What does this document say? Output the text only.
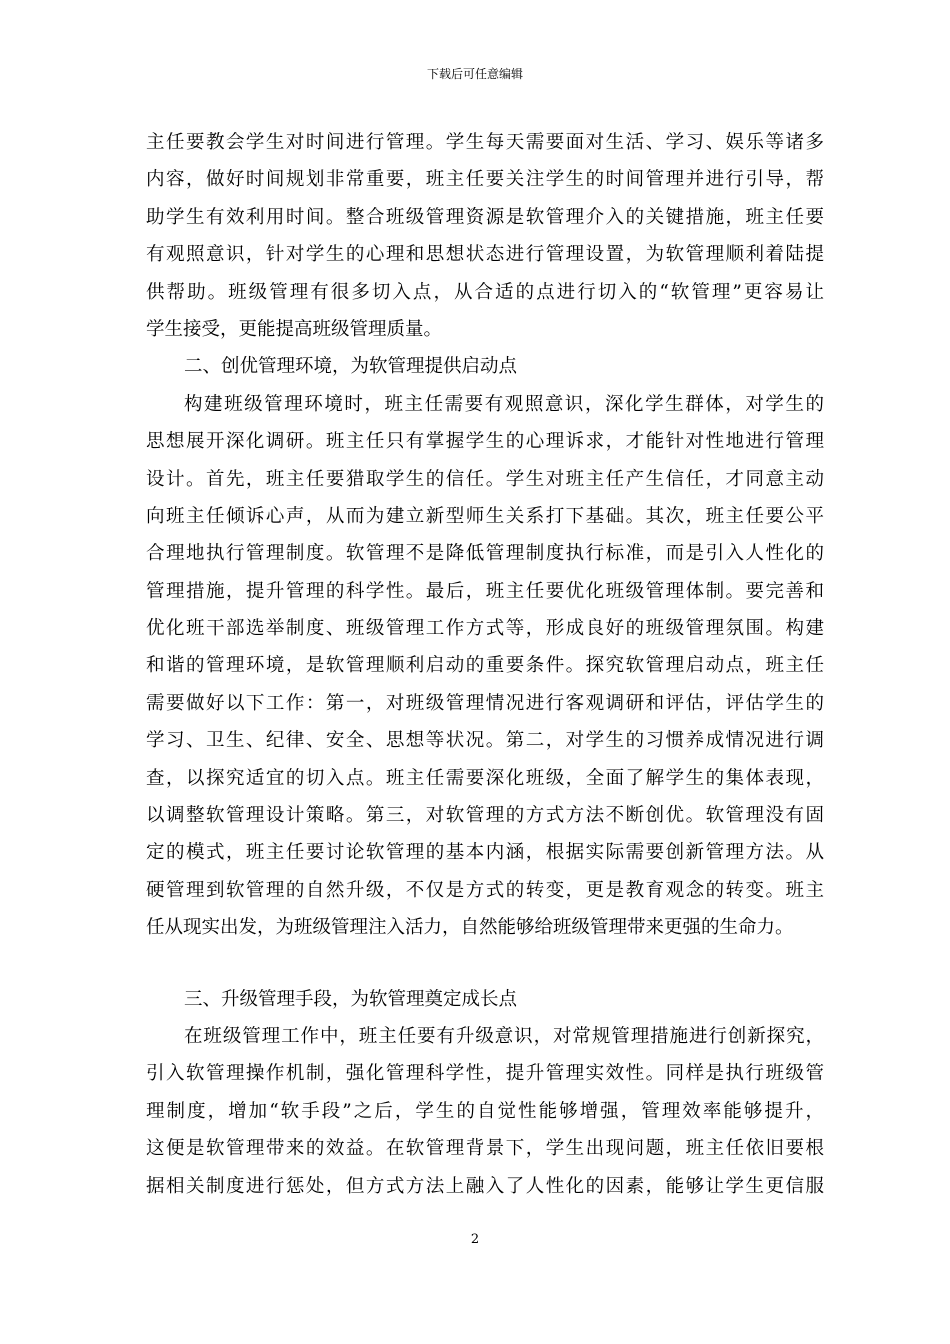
下载后可任意编辑
主任要教会学生对时间进行管理。学生每天需要面对生活、学习、娱乐等诸多
内容，做好时间规划非常重要，班主任要关注学生的时间管理并进行引导，帮
助学生有效利用时间。整合班级管理资源是软管理介入的关键措施，班主任要
有观照意识，针对学生的心理和思想状态进行管理设置，为软管理顺利着陆提
供帮助。班级管理有很多切入点，从合适的点进行切入的“软管理”更容易让
学生接受，更能提高班级管理质量。
二、创优管理环境，为软管理提供启动点
构建班级管理环境时，班主任需要有观照意识，深化学生群体，对学生的
思想展开深化调研。班主任只有掌握学生的心理诉求，才能针对性地进行管理
设计。首先，班主任要猎取学生的信任。学生对班主任产生信任，才同意主动
向班主任倾诉心声，从而为建立新型师生关系打下基础。其次，班主任要公平
合理地执行管理制度。软管理不是降低管理制度执行标准，而是引入人性化的
管理措施，提升管理的科学性。最后，班主任要优化班级管理体制。要完善和
优化班干部选举制度、班级管理工作方式等，形成良好的班级管理氛围。构建
和谐的管理环境，是软管理顺利启动的重要条件。探究软管理启动点，班主任
需要做好以下工作：第一，对班级管理情况进行客观调研和评估，评估学生的
学习、卫生、纪律、安全、思想等状况。第二，对学生的习惯养成情况进行调
查，以探究适宜的切入点。班主任需要深化班级，全面了解学生的集体表现，
以调整软管理设计策略。第三，对软管理的方式方法不断创优。软管理没有固
定的模式，班主任要讨论软管理的基本内涵，根据实际需要创新管理方法。从
硬管理到软管理的自然升级，不仅是方式的转变，更是教育观念的转变。班主
任从现实出发，为班级管理注入活力，自然能够给班级管理带来更强的生命力。
三、升级管理手段，为软管理奠定成长点
在班级管理工作中，班主任要有升级意识，对常规管理措施进行创新探究，
引入软管理操作机制，强化管理科学性，提升管理实效性。同样是执行班级管
理制度，增加“软手段”之后，学生的自觉性能够增强，管理效率能够提升，
这便是软管理带来的效益。在软管理背景下，学生出现问题，班主任依旧要根
据相关制度进行惩处，但方式方法上融入了人性化的因素，能够让学生更信服
2
